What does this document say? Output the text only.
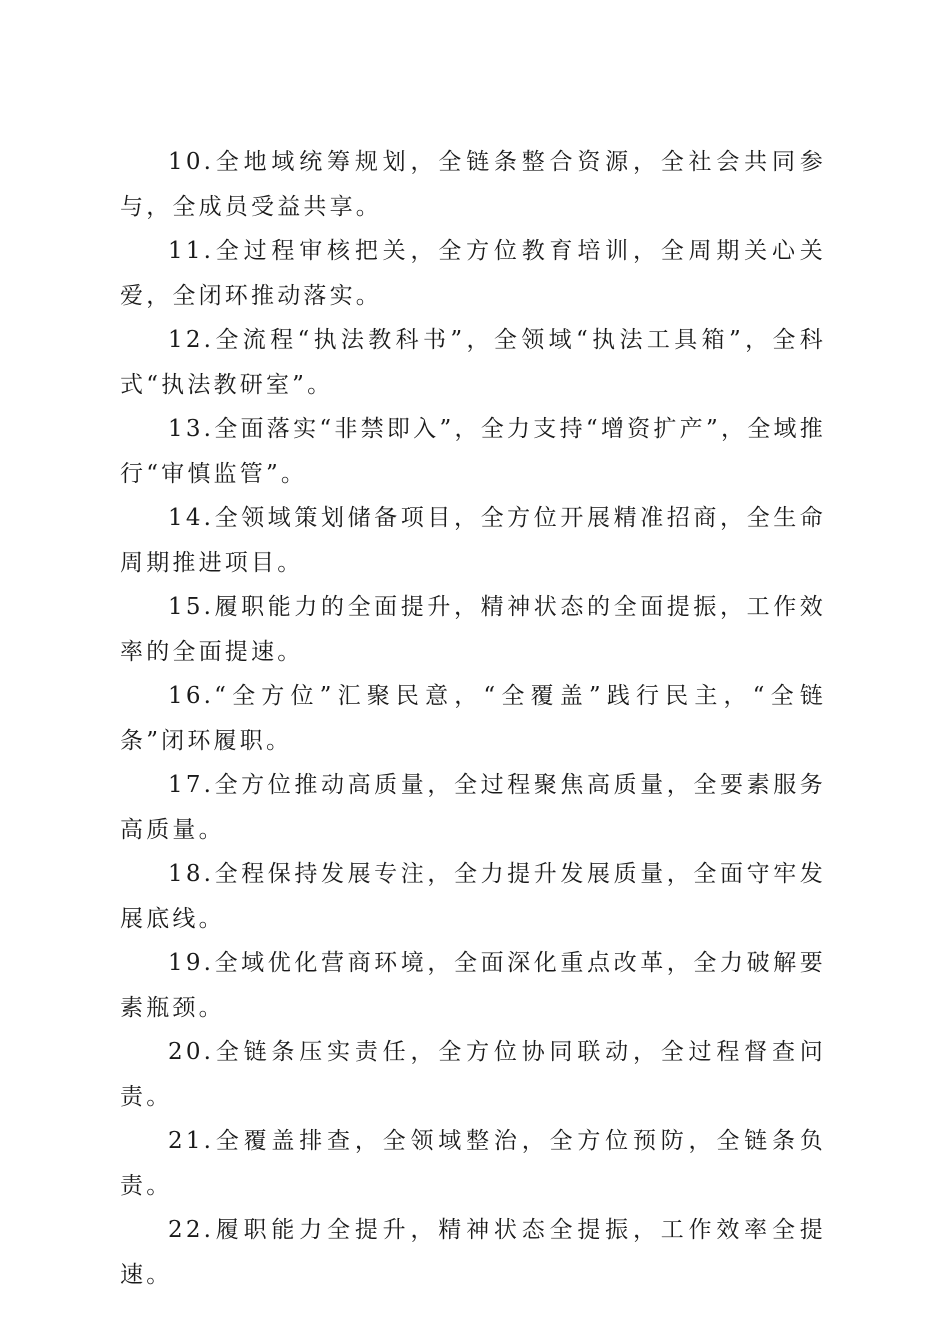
10.全地域统筹规划，全链条整合资源，全社会共同参与，全成员受益共享。

11.全过程审核把关，全方位教育培训，全周期关心关爱，全闭环推动落实。

12.全流程“执法教科书”，全领域“执法工具箱”，全科式“执法教研室”。

13.全面落实“非禁即入”，全力支持“增资扩产”，全域推行“审慎监管”。

14.全领域策划储备项目，全方位开展精准招商，全生命周期推进项目。

15.履职能力的全面提升，精神状态的全面提振，工作效率的全面提速。

16.“全方位”汇聚民意，“全覆盖”践行民主，“全链条”闭环履职。

17.全方位推动高质量，全过程聚焦高质量，全要素服务高质量。

18.全程保持发展专注，全力提升发展质量，全面守牢发展底线。

19.全域优化营商环境，全面深化重点改革，全力破解要素瓶颈。

20.全链条压实责任，全方位协同联动，全过程督查问责。

21.全覆盖排查，全领域整治，全方位预防，全链条负责。

22.履职能力全提升，精神状态全提振，工作效率全提速。
